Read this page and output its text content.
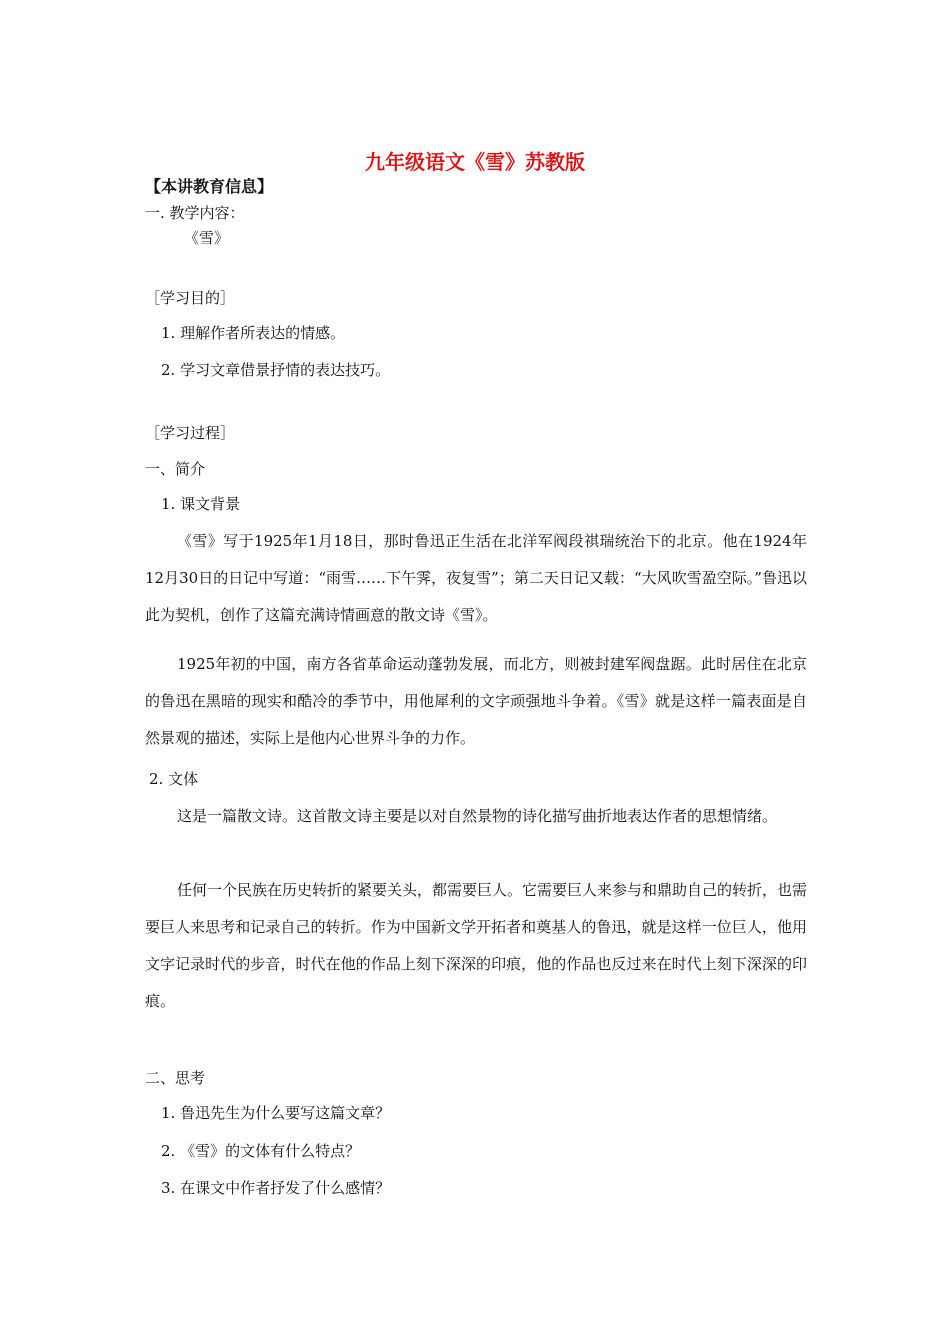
九年级语文《雪》苏教版
【本讲教育信息】
一. 教学内容：
《雪》
［学习目的］
1. 理解作者所表达的情感。
2. 学习文章借景抒情的表达技巧。
［学习过程］
一、简介
1. 课文背景
《雪》写于1925年1月18日，那时鲁迅正生活在北洋军阀段祺瑞统治下的北京。他在1924年12月30日的日记中写道：“雨雪……下午霁，夜复雪”；第二天日记又载：“大风吹雪盈空际。”鲁迅以此为契机，创作了这篇充满诗情画意的散文诗《雪》。
1925年初的中国，南方各省革命运动蓬勃发展，而北方，则被封建军阀盘踞。此时居住在北京的鲁迅在黑暗的现实和酷冷的季节中，用他犀利的文字顽强地斗争着。《雪》就是这样一篇表面是自然景观的描述，实际上是他内心世界斗争的力作。
2. 文体
这是一篇散文诗。这首散文诗主要是以对自然景物的诗化描写曲折地表达作者的思想情绪。
任何一个民族在历史转折的紧要关头，都需要巨人。它需要巨人来参与和鼎助自己的转折，也需要巨人来思考和记录自己的转折。作为中国新文学开拓者和奠基人的鲁迅，就是这样一位巨人，他用文字记录时代的步音，时代在他的作品上刻下深深的印痕，他的作品也反过来在时代上刻下深深的印痕。
二、思考
1. 鲁迅先生为什么要写这篇文章？
2. 《雪》的文体有什么特点？
3. 在课文中作者抒发了什么感情？
